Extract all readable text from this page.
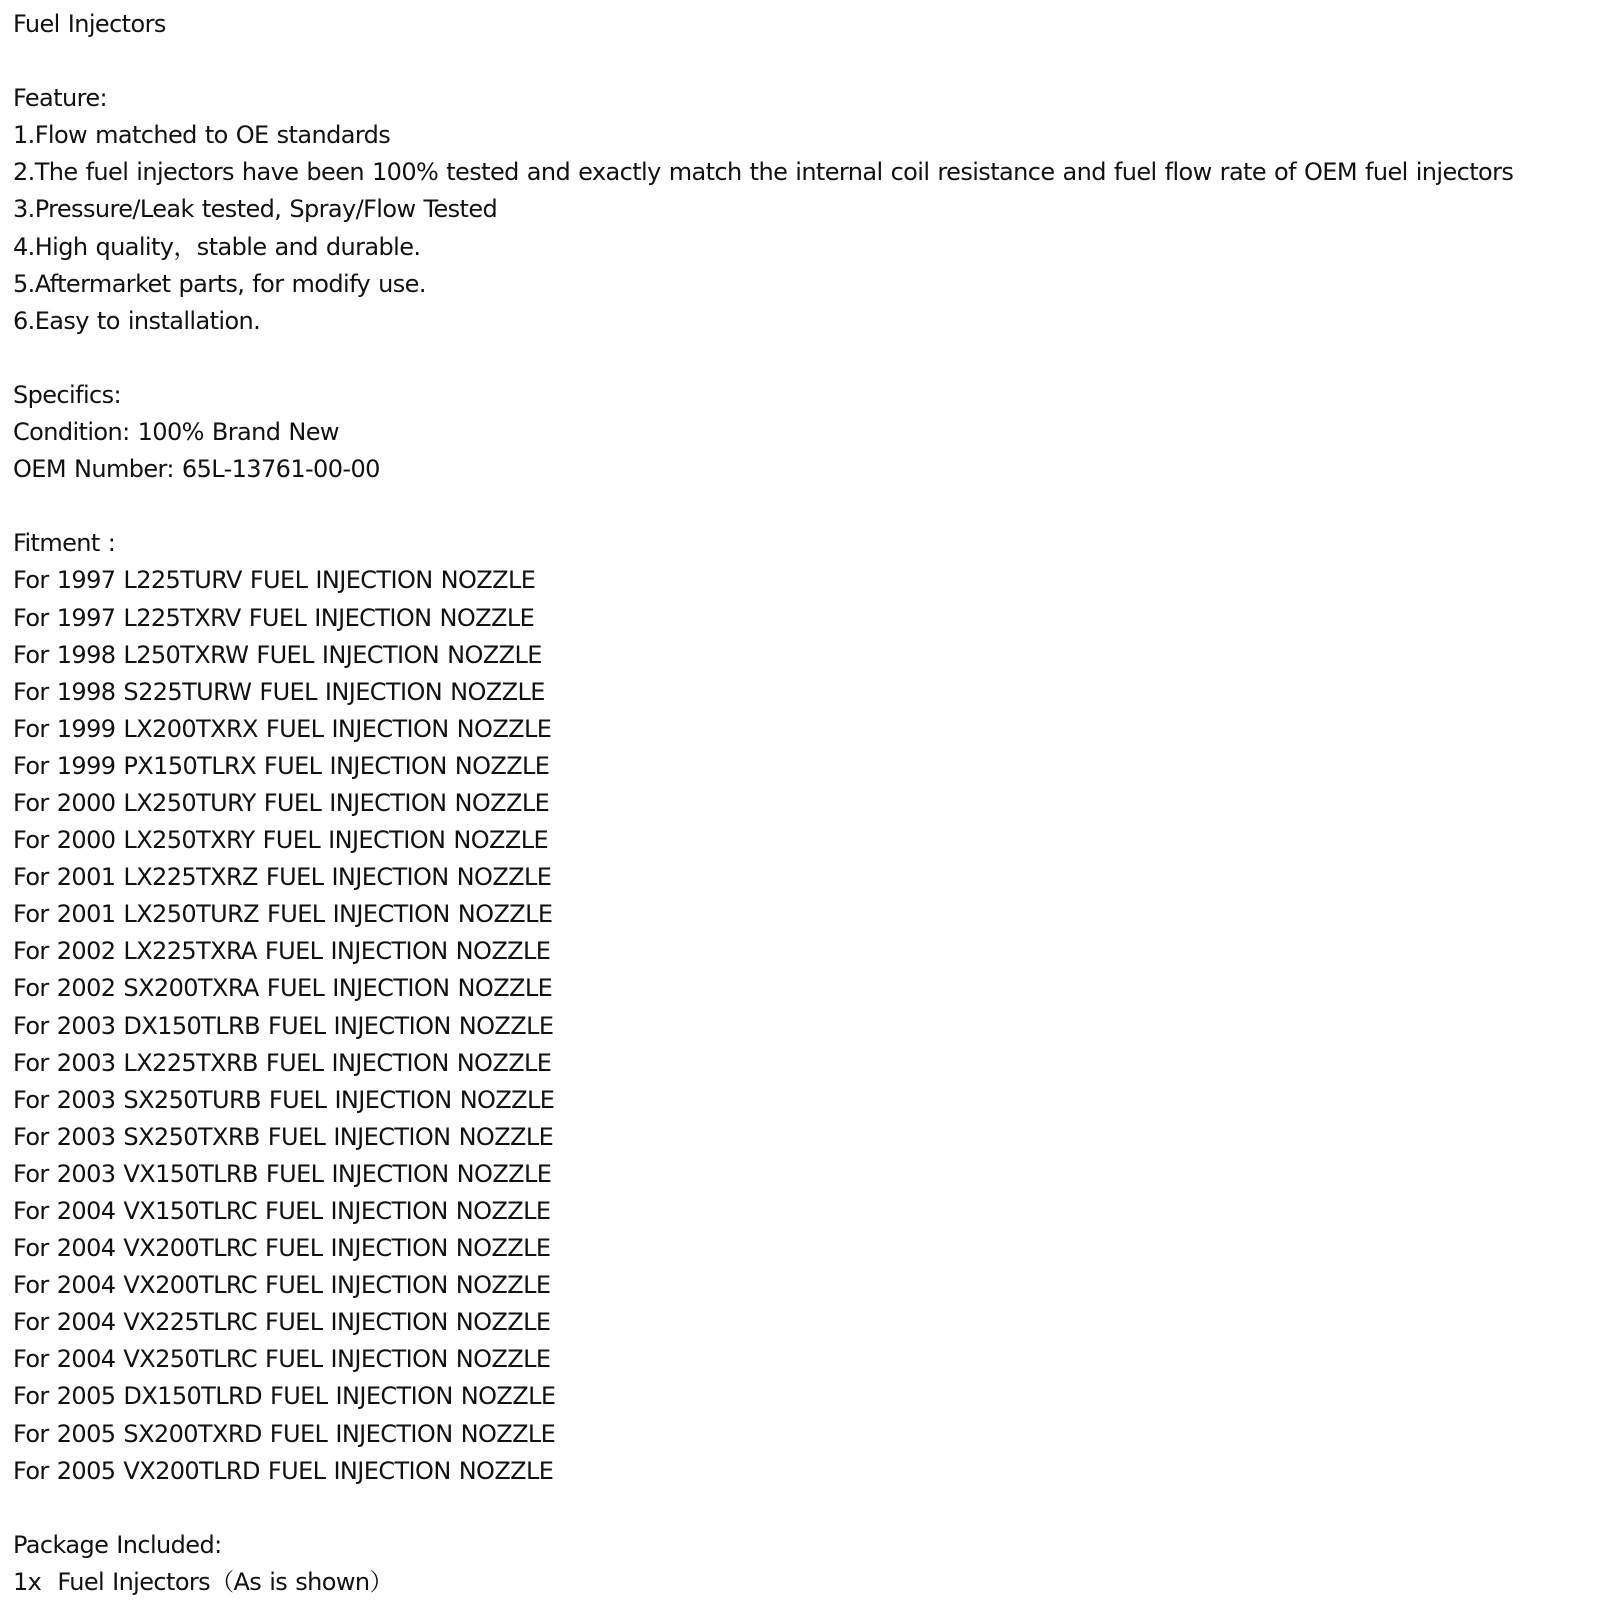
Fuel Injectors
Feature:
1.Flow matched to OE standards
2.The fuel injectors have been 100% tested and exactly match the internal coil resistance and fuel flow rate of OEM fuel injectors
3.Pressure/Leak tested, Spray/Flow Tested
4.High quality，stable and durable.
5.Aftermarket parts, for modify use.
6.Easy to installation.
Specifics:
Condition: 100% Brand New
OEM Number: 65L-13761-00-00
Fitment :
For 1997 L225TURV FUEL INJECTION NOZZLE
For 1997 L225TXRV FUEL INJECTION NOZZLE
For 1998 L250TXRW FUEL INJECTION NOZZLE
For 1998 S225TURW FUEL INJECTION NOZZLE
For 1999 LX200TXRX FUEL INJECTION NOZZLE
For 1999 PX150TLRX FUEL INJECTION NOZZLE
For 2000 LX250TURY FUEL INJECTION NOZZLE
For 2000 LX250TXRY FUEL INJECTION NOZZLE
For 2001 LX225TXRZ FUEL INJECTION NOZZLE
For 2001 LX250TURZ FUEL INJECTION NOZZLE
For 2002 LX225TXRA FUEL INJECTION NOZZLE
For 2002 SX200TXRA FUEL INJECTION NOZZLE
For 2003 DX150TLRB FUEL INJECTION NOZZLE
For 2003 LX225TXRB FUEL INJECTION NOZZLE
For 2003 SX250TURB FUEL INJECTION NOZZLE
For 2003 SX250TXRB FUEL INJECTION NOZZLE
For 2003 VX150TLRB FUEL INJECTION NOZZLE
For 2004 VX150TLRC FUEL INJECTION NOZZLE
For 2004 VX200TLRC FUEL INJECTION NOZZLE
For 2004 VX200TLRC FUEL INJECTION NOZZLE
For 2004 VX225TLRC FUEL INJECTION NOZZLE
For 2004 VX250TLRC FUEL INJECTION NOZZLE
For 2005 DX150TLRD FUEL INJECTION NOZZLE
For 2005 SX200TXRD FUEL INJECTION NOZZLE
For 2005 VX200TLRD FUEL INJECTION NOZZLE
Package Included:
1x  Fuel Injectors（As is shown）
